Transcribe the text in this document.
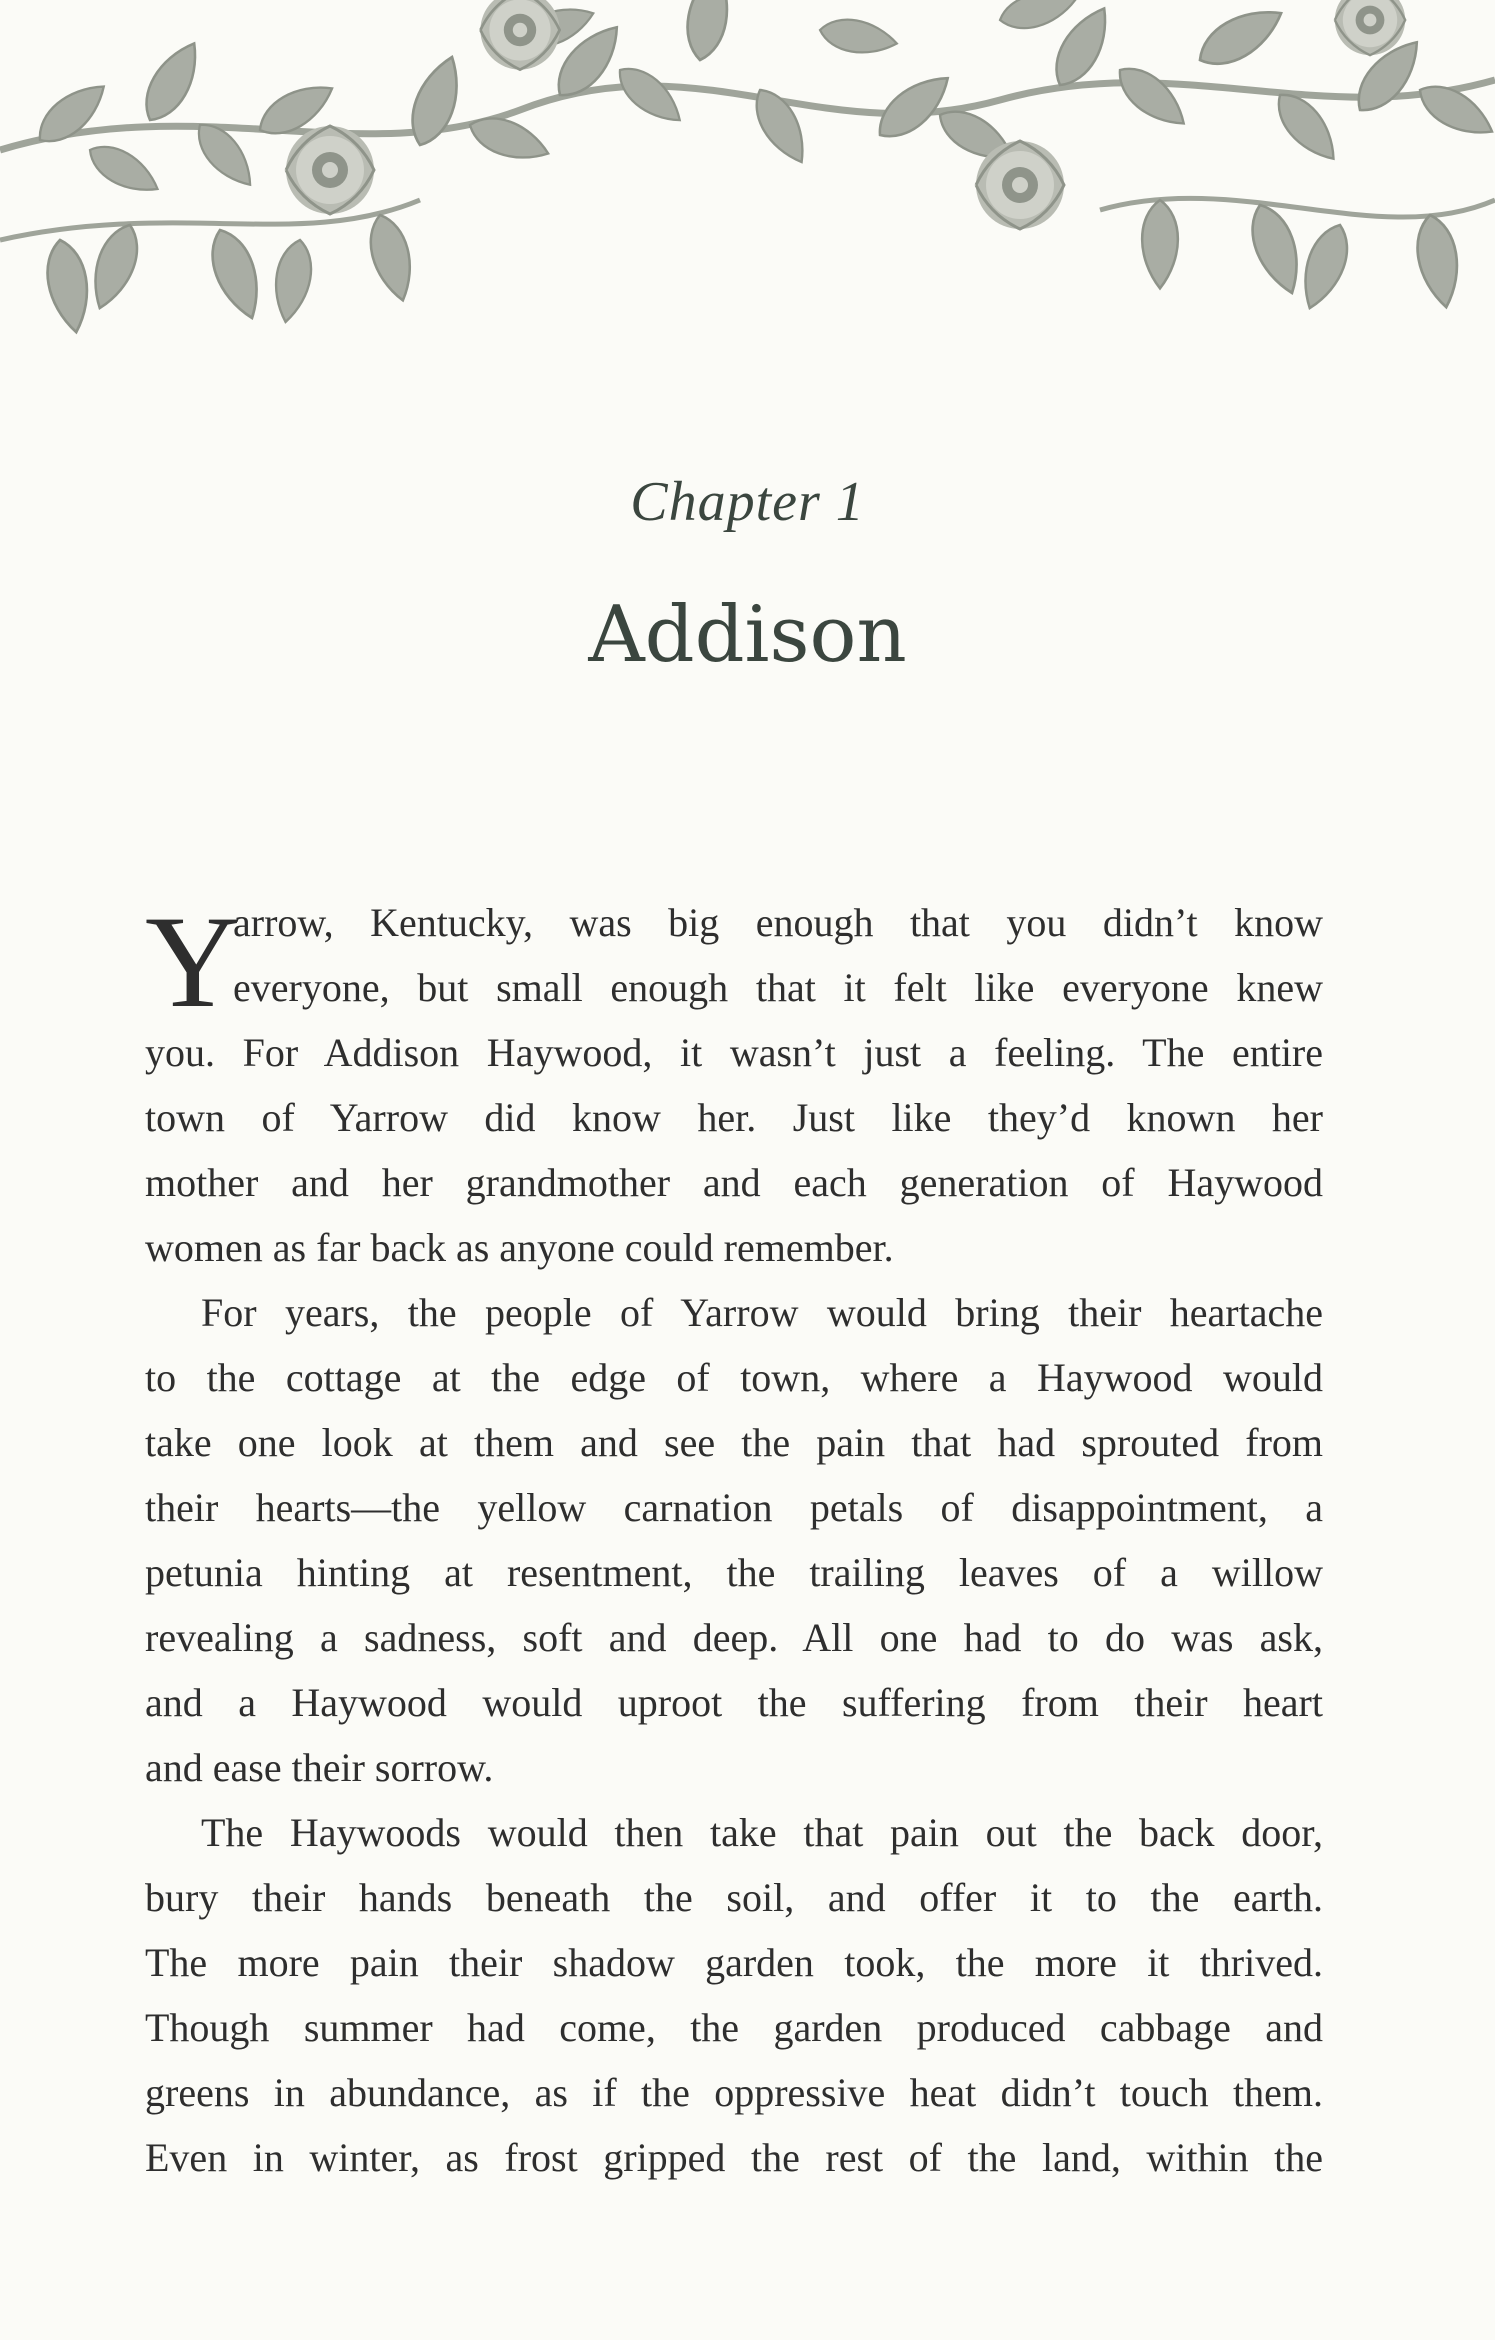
Chapter 1
Addison
Y
arrow, Kentucky, was big enough that you didn’t know
everyone, but small enough that it felt like everyone knew
you. For Addison Haywood, it wasn’t just a feeling. The entire
town of Yarrow did know her. Just like they’d known her
mother and her grandmother and each generation of Haywood
women as far back as anyone could remember.
For years, the people of Yarrow would bring their heartache
to the cottage at the edge of town, where a Haywood would
take one look at them and see the pain that had sprouted from
their hearts—the yellow carnation petals of disappointment, a
petunia hinting at resentment, the trailing leaves of a willow
revealing a sadness, soft and deep. All one had to do was ask,
and a Haywood would uproot the suffering from their heart
and ease their sorrow.
The Haywoods would then take that pain out the back door,
bury their hands beneath the soil, and offer it to the earth.
The more pain their shadow garden took, the more it thrived.
Though summer had come, the garden produced cabbage and
greens in abundance, as if the oppressive heat didn’t touch them.
Even in winter, as frost gripped the rest of the land, within the
